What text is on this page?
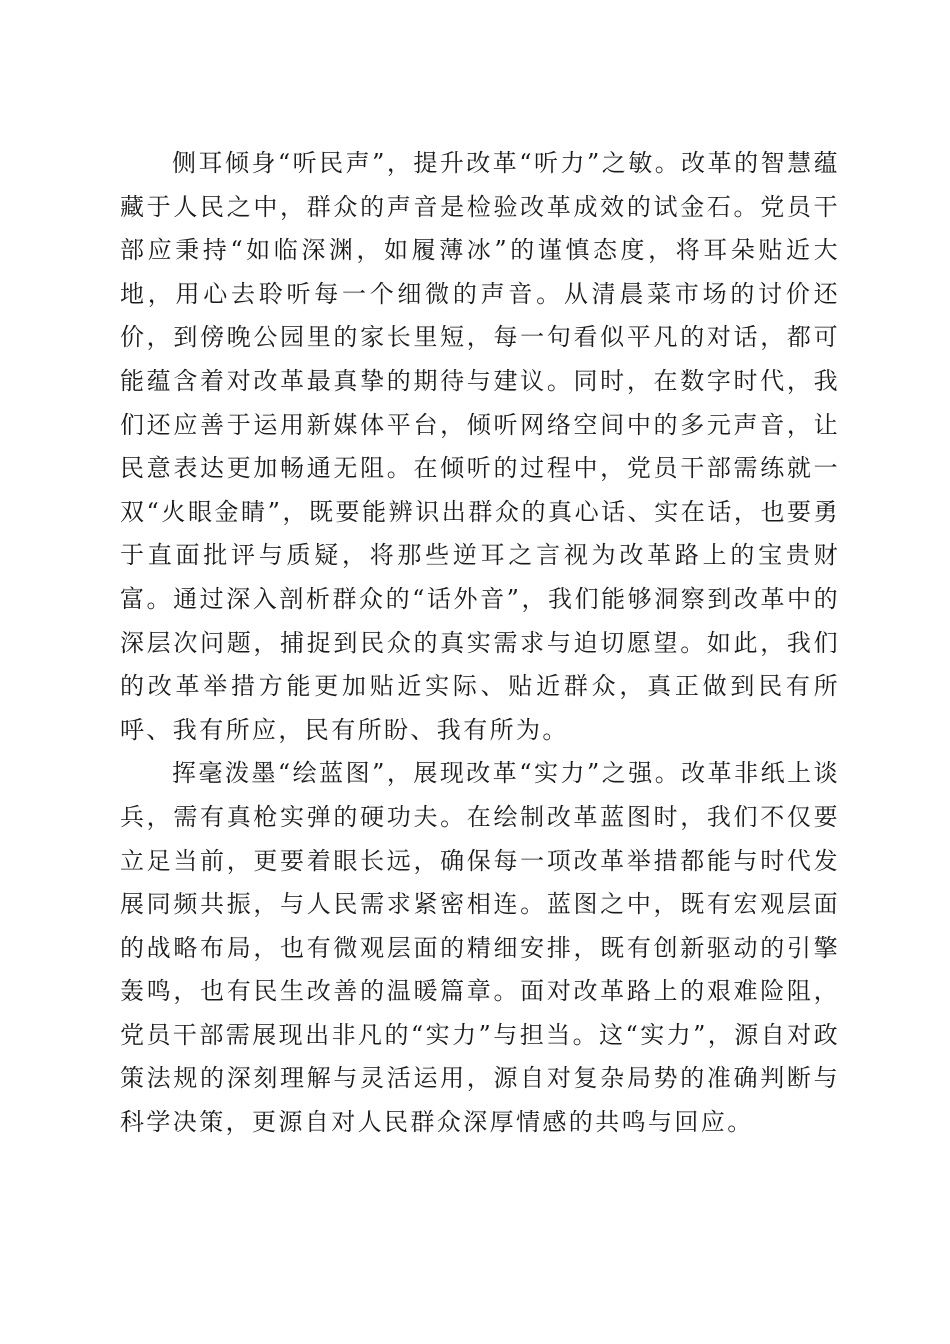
侧耳倾身“听民声”，提升改革“听力”之敏。改革的智慧蕴藏于人民之中，群众的声音是检验改革成效的试金石。党员干部应秉持“如临深渊，如履薄冰”的谨慎态度，将耳朵贴近大地，用心去聆听每一个细微的声音。从清晨菜市场的讨价还价，到傍晚公园里的家长里短，每一句看似平凡的对话，都可能蕴含着对改革最真挚的期待与建议。同时，在数字时代，我们还应善于运用新媒体平台，倾听网络空间中的多元声音，让民意表达更加畅通无阻。在倾听的过程中，党员干部需练就一双“火眼金睛”，既要能辨识出群众的真心话、实在话，也要勇于直面批评与质疑，将那些逆耳之言视为改革路上的宝贵财富。通过深入剖析群众的“话外音”，我们能够洞察到改革中的深层次问题，捕捉到民众的真实需求与迫切愿望。如此，我们的改革举措方能更加贴近实际、贴近群众，真正做到民有所呼、我有所应，民有所盼、我有所为。

挥毫泼墨“绘蓝图”，展现改革“实力”之强。改革非纸上谈兵，需有真枪实弹的硬功夫。在绘制改革蓝图时，我们不仅要立足当前，更要着眼长远，确保每一项改革举措都能与时代发展同频共振，与人民需求紧密相连。蓝图之中，既有宏观层面的战略布局，也有微观层面的精细安排，既有创新驱动的引擎轰鸣，也有民生改善的温暖篇章。面对改革路上的艰难险阻，党员干部需展现出非凡的“实力”与担当。这“实力”，源自对政策法规的深刻理解与灵活运用，源自对复杂局势的准确判断与科学决策，更源自对人民群众深厚情感的共鸣与回应。
